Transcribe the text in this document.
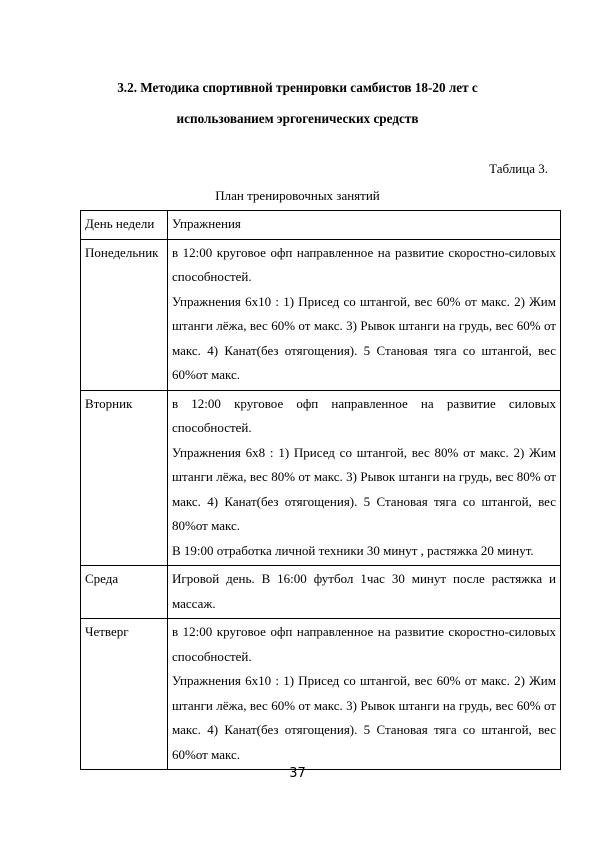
3.2. Методика спортивной тренировки самбистов 18-20 лет с
использованием эргогенических средств
Таблица 3.
План тренировочных занятий
День недели	Упражнения
Понедельник	в 12:00 круговое офп направленное на развитие скоростно-силовых способностей.

Упражнения 6х10 : 1) Присед со штангой, вес 60% от макс. 2) Жим штанги лёжа, вес 60% от макс. 3) Рывок штанги на грудь, вес 60% от макс. 4) Канат(без отягощения). 5 Становая тяга со штангой, вес 60%от макс.

Вторник	в 12:00 круговое офп направленное на развитие силовых способностей.

Упражнения 6х8 : 1) Присед со штангой, вес 80% от макс. 2) Жим штанги лёжа, вес 80% от макс. 3) Рывок штанги на грудь, вес 80% от макс. 4) Канат(без отягощения). 5 Становая тяга со штангой, вес 80%от макс.

В 19:00 отработка личной техники 30 минут , растяжка 20 минут.

Среда	Игровой день. В 16:00 футбол 1час 30 минут после растяжка и массаж.

Четверг	в 12:00 круговое офп направленное на развитие скоростно-силовых способностей.

Упражнения 6х10 : 1) Присед со штангой, вес 60% от макс. 2) Жим штанги лёжа, вес 60% от макс. 3) Рывок штанги на грудь, вес 60% от макс. 4) Канат(без отягощения). 5 Становая тяга со штангой, вес 60%от макс.

37
